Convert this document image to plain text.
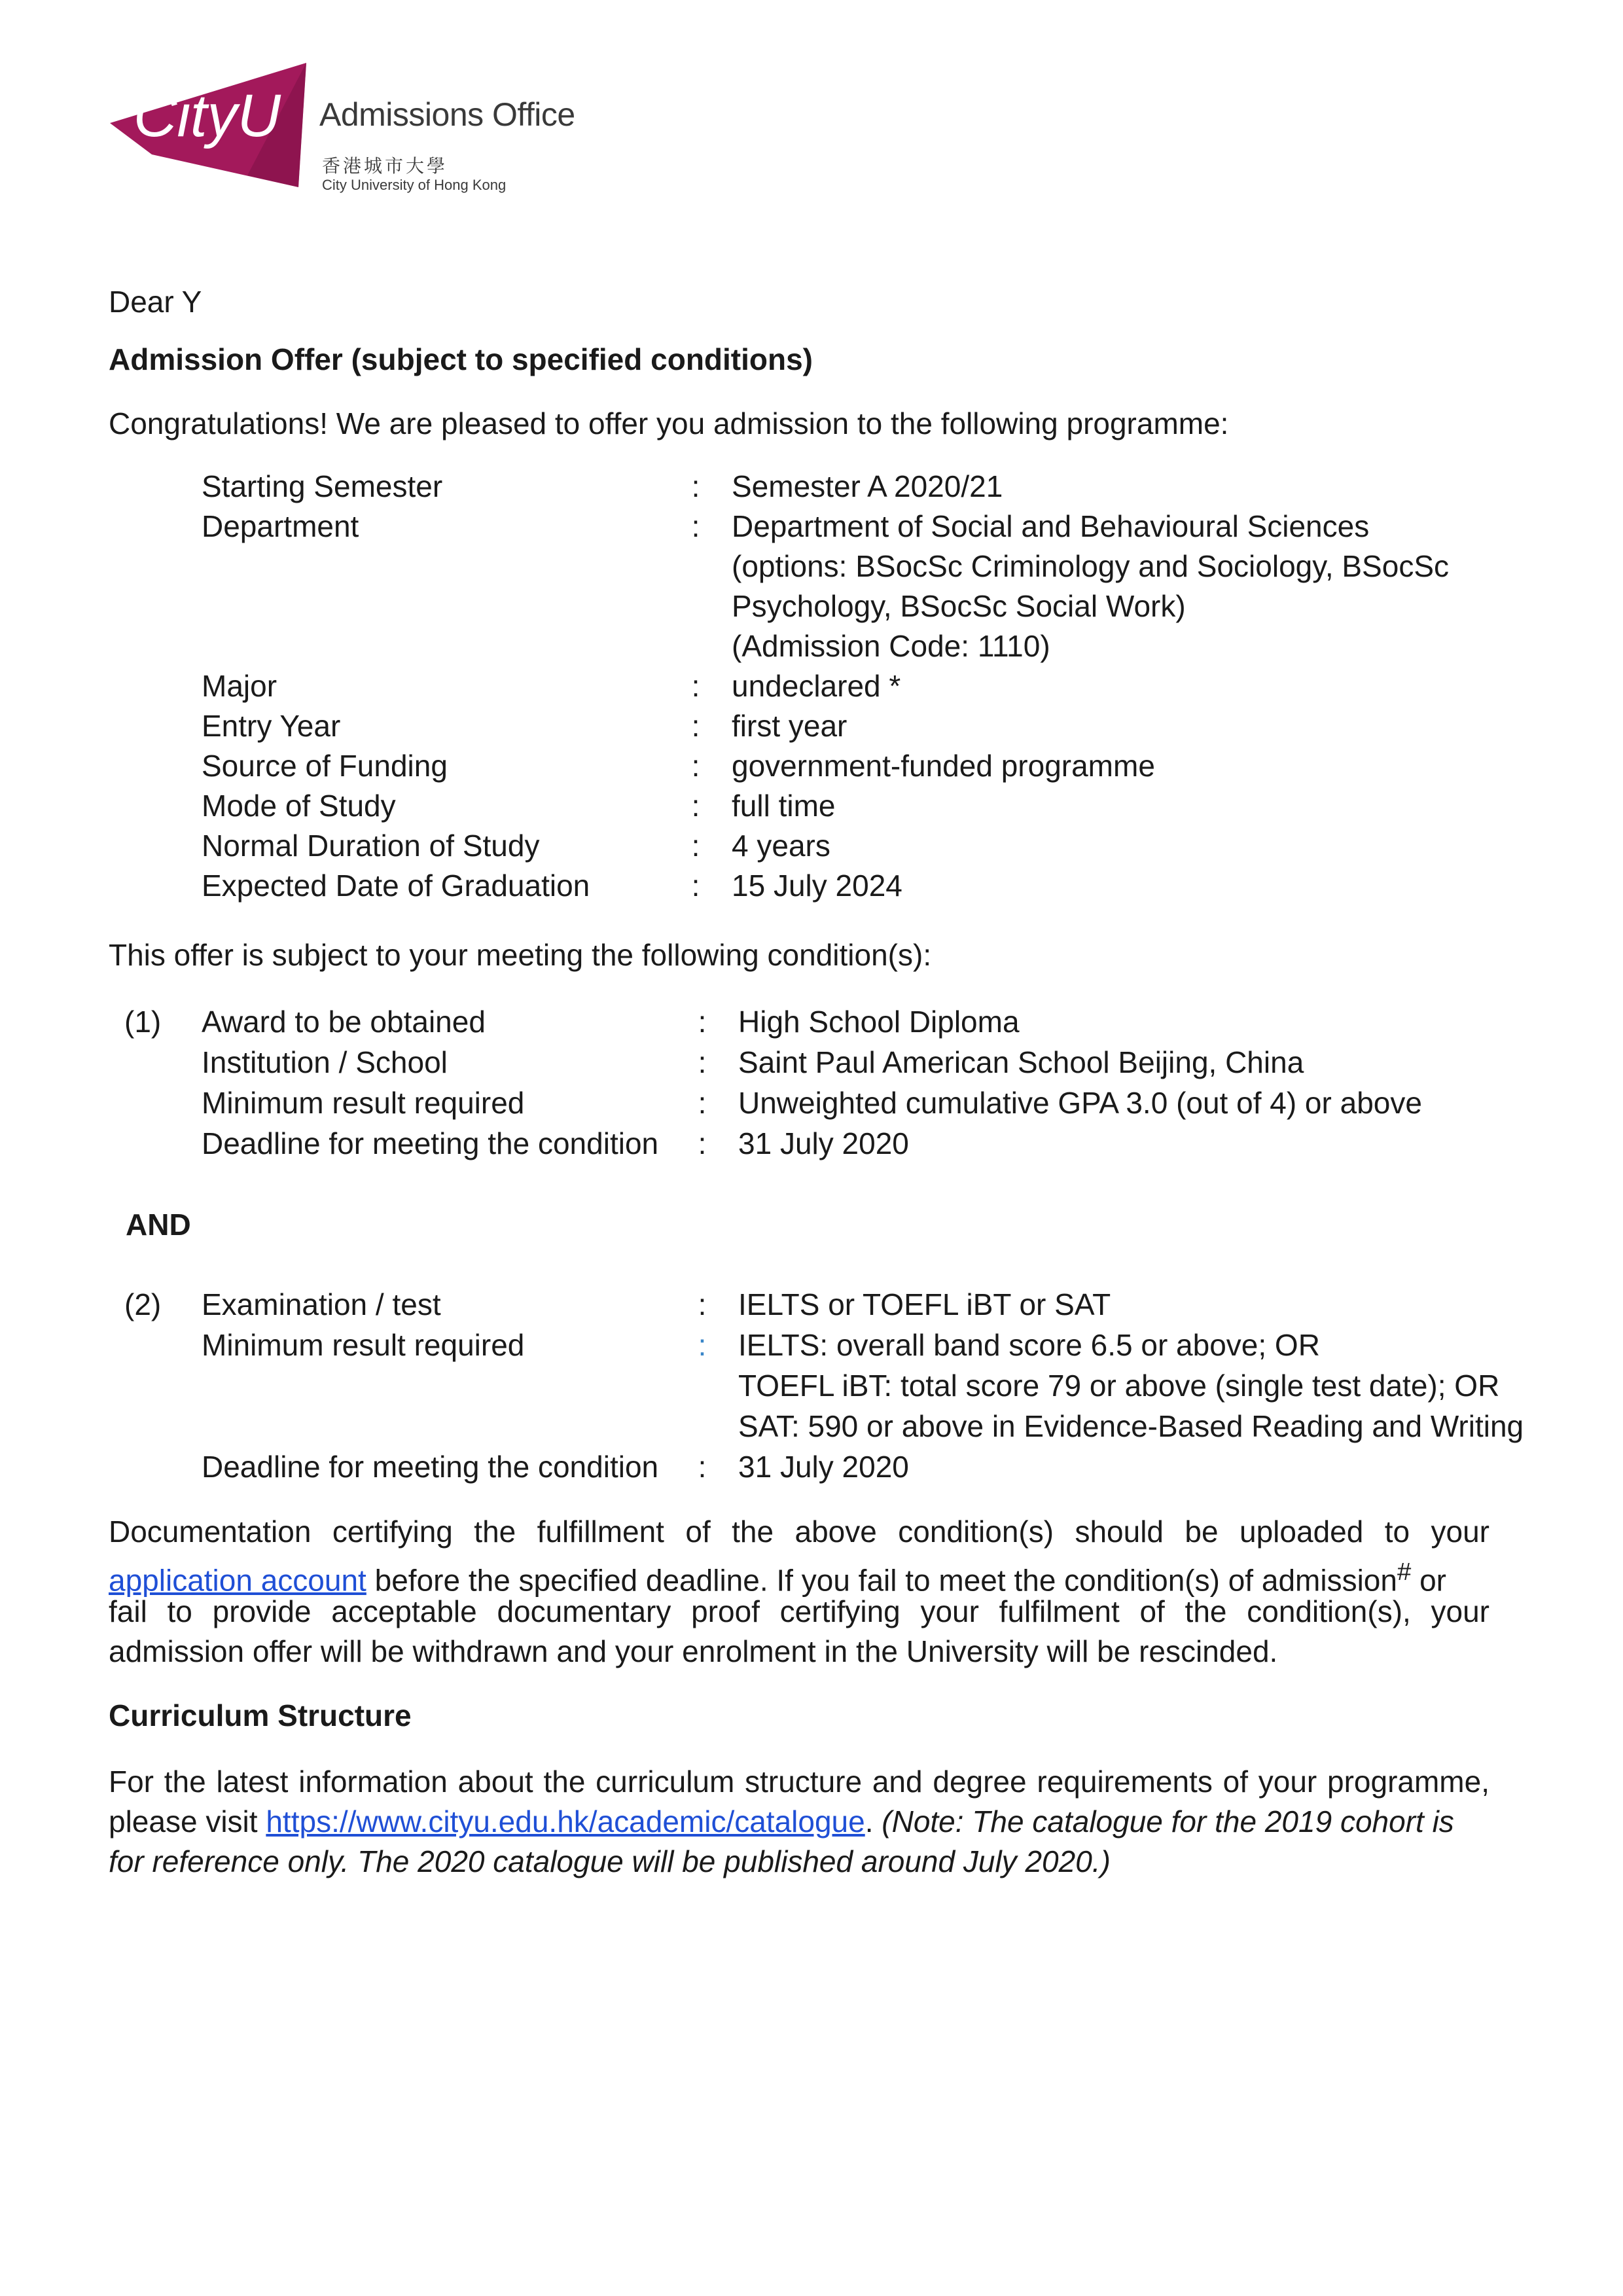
CityU Admissions Office
香港城市大學
City University of Hong Kong
Dear Y
Admission Offer (subject to specified conditions)
Congratulations! We are pleased to offer you admission to the following programme:
Starting Semester	: Semester A 2020/21
Department	: Department of Social and Behavioural Sciences
(options: BSocSc Criminology and Sociology, BSocSc
Psychology, BSocSc Social Work)
(Admission Code: 1110)
Major	: undeclared *
Entry Year	: first year
Source of Funding	: government-funded programme
Mode of Study	: full time
Normal Duration of Study	: 4 years
Expected Date of Graduation	: 15 July 2024
This offer is subject to your meeting the following condition(s):
(1) Award to be obtained	: High School Diploma
Institution / School	: Saint Paul American School Beijing, China
Minimum result required	: Unweighted cumulative GPA 3.0 (out of 4) or above
Deadline for meeting the condition : 31 July 2020
AND
(2) Examination / test	: IELTS or TOEFL iBT or SAT
Minimum result required	: IELTS: overall band score 6.5 or above; OR
TOEFL iBT: total score 79 or above (single test date); OR
SAT: 590 or above in Evidence-Based Reading and Writing
Deadline for meeting the condition : 31 July 2020
Documentation certifying the fulfillment of the above condition(s) should be uploaded to your
application account before the specified deadline. If you fail to meet the condition(s) of admission# or
fail to provide acceptable documentary proof certifying your fulfilment of the condition(s), your
admission offer will be withdrawn and your enrolment in the University will be rescinded.
Curriculum Structure
For the latest information about the curriculum structure and degree requirements of your programme,
please visit https://www.cityu.edu.hk/academic/catalogue. (Note: The catalogue for the 2019 cohort is
for reference only. The 2020 catalogue will be published around July 2020.)
